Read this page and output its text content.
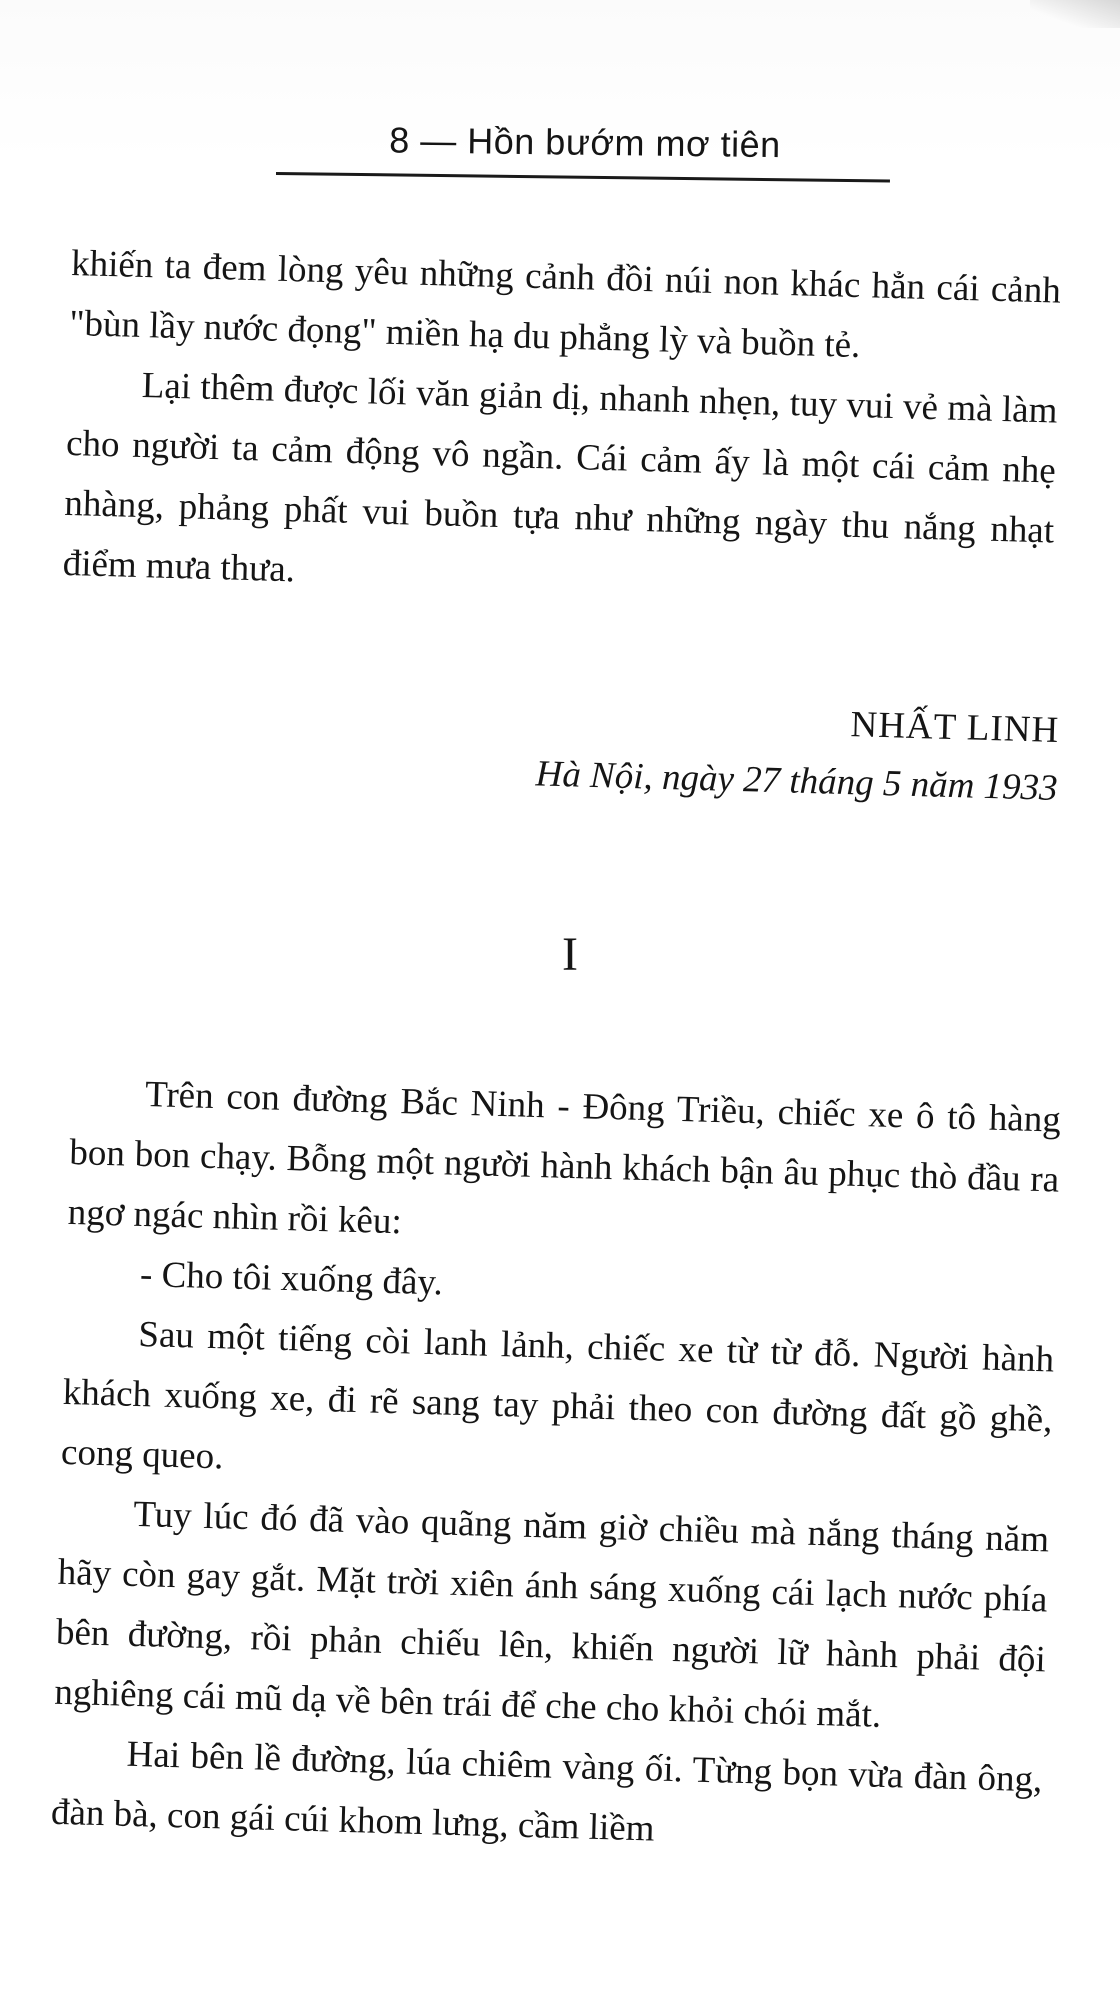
8 — Hồn bướm mơ tiên

khiến ta đem lòng yêu những cảnh đồi núi non khác hẳn cái cảnh "bùn lầy nước đọng" miền hạ du phẳng lỳ và buồn tẻ.

Lại thêm được lối văn giản dị, nhanh nhẹn, tuy vui vẻ mà làm cho người ta cảm động vô ngần. Cái cảm ấy là một cái cảm nhẹ nhàng, phảng phất vui buồn tựa như những ngày thu nắng nhạt điểm mưa thưa.

NHẤT LINH
Hà Nội, ngày 27 tháng 5 năm 1933
I

Trên con đường Bắc Ninh - Đông Triều, chiếc xe ô tô hàng bon bon chạy. Bỗng một người hành khách bận âu phục thò đầu ra ngơ ngác nhìn rồi kêu:

- Cho tôi xuống đây.

Sau một tiếng còi lanh lảnh, chiếc xe từ từ đỗ. Người hành khách xuống xe, đi rẽ sang tay phải theo con đường đất gồ ghề, cong queo.

Tuy lúc đó đã vào quãng năm giờ chiều mà nắng tháng năm hãy còn gay gắt. Mặt trời xiên ánh sáng xuống cái lạch nước phía bên đường, rồi phản chiếu lên, khiến người lữ hành phải đội nghiêng cái mũ dạ về bên trái để che cho khỏi chói mắt.

Hai bên lề đường, lúa chiêm vàng ối. Từng bọn vừa đàn ông, đàn bà, con gái cúi khom lưng, cầm liềm
